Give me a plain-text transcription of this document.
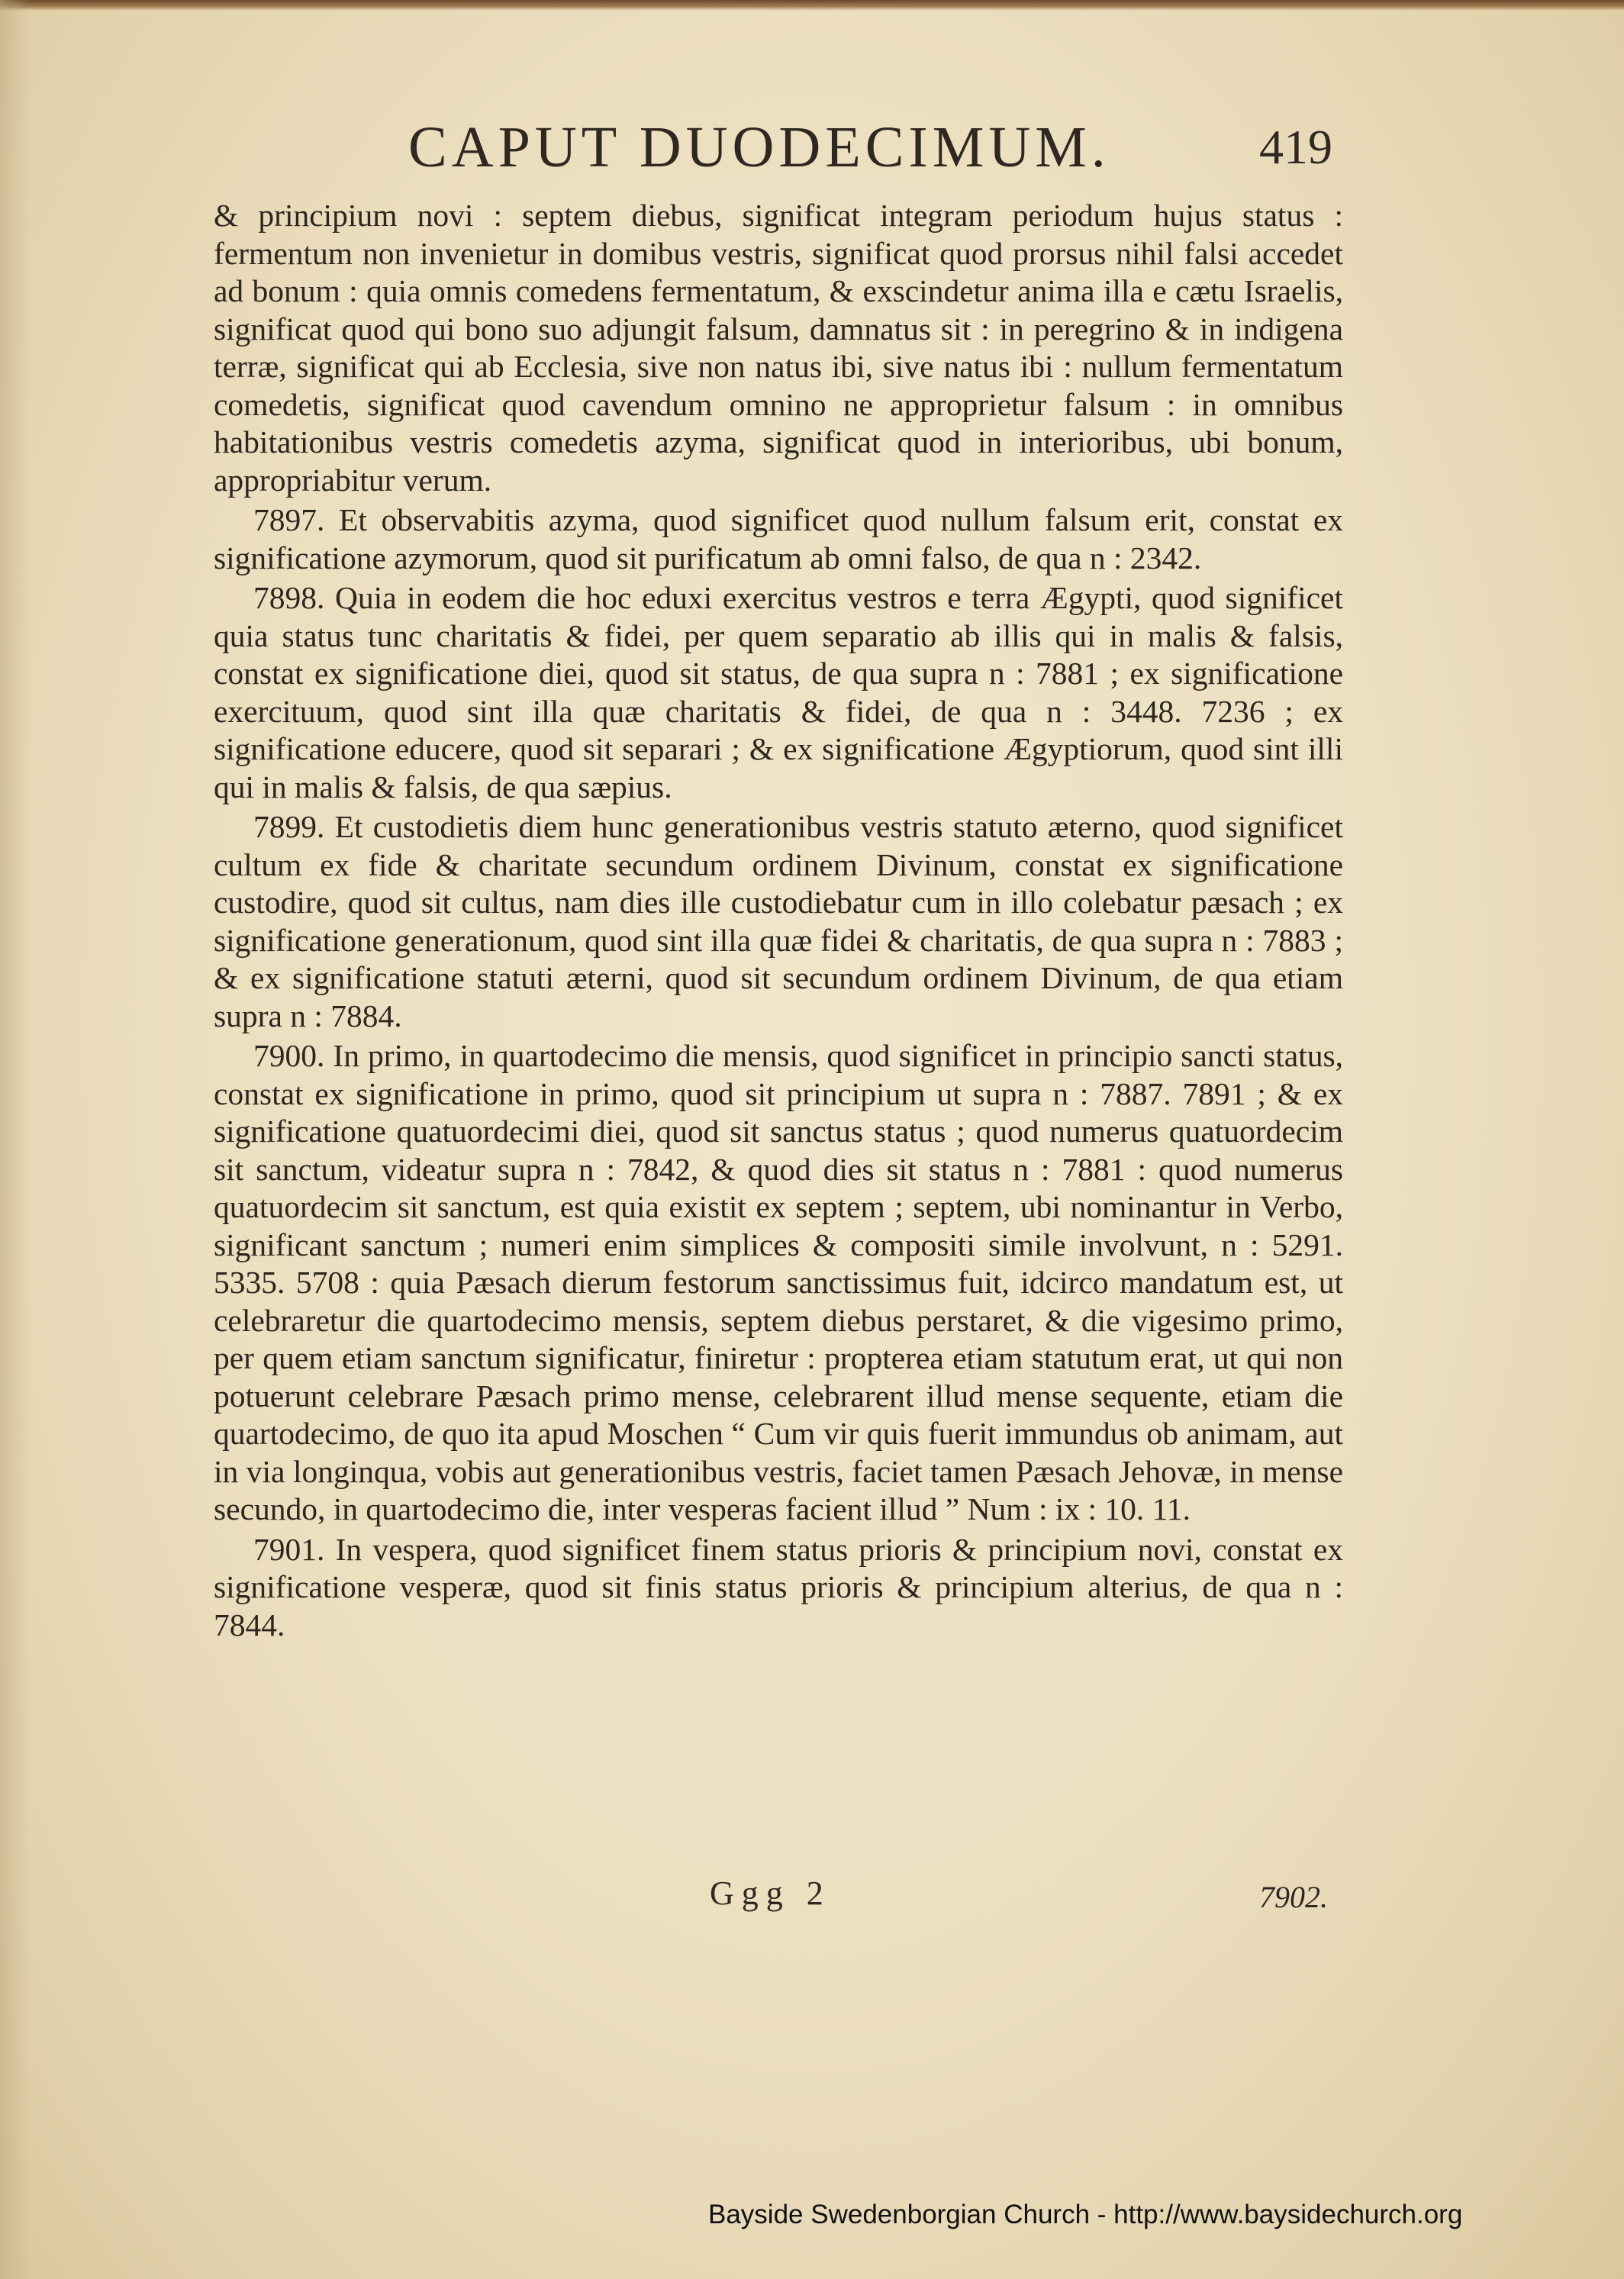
CAPUT DUODECIMUM.	419

& principium novi : septem diebus, significat integram periodum hujus status : fermentum non invenietur in domibus vestris, significat quod prorsus nihil falsi accedet ad bonum : quia omnis comedens fermentatum, & exscindetur anima illa e cætu Israelis, significat quod qui bono suo adjungit falsum, damnatus sit : in peregrino & in indigena terræ, significat qui ab Ecclesia, sive non natus ibi, sive natus ibi : nullum fermentatum comedetis, significat quod cavendum omnino ne approprietur falsum : in omnibus habitationibus vestris comedetis azyma, significat quod in interioribus, ubi bonum, appropriabitur verum.

7897. Et observabitis azyma, quod significet quod nullum falsum erit, constat ex significatione azymorum, quod sit purificatum ab omni falso, de qua n : 2342.

7898. Quia in eodem die hoc eduxi exercitus vestros e terra Ægypti, quod significet quia status tunc charitatis & fidei, per quem separatio ab illis qui in malis & falsis, constat ex significatione diei, quod sit status, de qua supra n : 7881 ; ex significatione exercituum, quod sint illa quæ charitatis & fidei, de qua n : 3448. 7236 ; ex significatione educere, quod sit separari ; & ex significatione Ægyptiorum, quod sint illi qui in malis & falsis, de qua sæpius.

7899. Et custodietis diem hunc generationibus vestris statuto æterno, quod significet cultum ex fide & charitate secundum ordinem Divinum, constat ex significatione custodire, quod sit cultus, nam dies ille custodiebatur cum in illo colebatur pæsach ; ex significatione generationum, quod sint illa quæ fidei & charitatis, de qua supra n : 7883 ; & ex significatione statuti æterni, quod sit secundum ordinem Divinum, de qua etiam supra n : 7884.

7900. In primo, in quartodecimo die mensis, quod significet in principio sancti status, constat ex significatione in primo, quod sit principium ut supra n : 7887. 7891 ; & ex significatione quatuordecimi diei, quod sit sanctus status ; quod numerus quatuordecim sit sanctum, videatur supra n : 7842, & quod dies sit status n : 7881 : quod numerus quatuordecim sit sanctum, est quia existit ex septem ; septem, ubi nominantur in Verbo, significant sanctum ; numeri enim simplices & compositi simile involvunt, n : 5291. 5335. 5708 : quia Pæsach dierum festorum sanctissimus fuit, idcirco mandatum est, ut celebraretur die quartodecimo mensis, septem diebus perstaret, & die vigesimo primo, per quem etiam sanctum significatur, finiretur : propterea etiam statutum erat, ut qui non potuerunt celebrare Pæsach primo mense, celebrarent illud mense sequente, etiam die quartodecimo, de quo ita apud Moschen “ Cum vir quis fuerit immundus ob animam, aut in via longinqua, vobis aut generationibus vestris, faciet tamen Pæsach Jehovæ, in mense secundo, in quartodecimo die, inter vesperas facient illud ” Num : ix : 10. 11.

7901. In vespera, quod significet finem status prioris & principium novi, constat ex significatione vesperæ, quod sit finis status prioris & principium alterius, de qua n : 7844.

Ggg 2	7902.
Bayside Swedenborgian Church - http://www.baysidechurch.org
